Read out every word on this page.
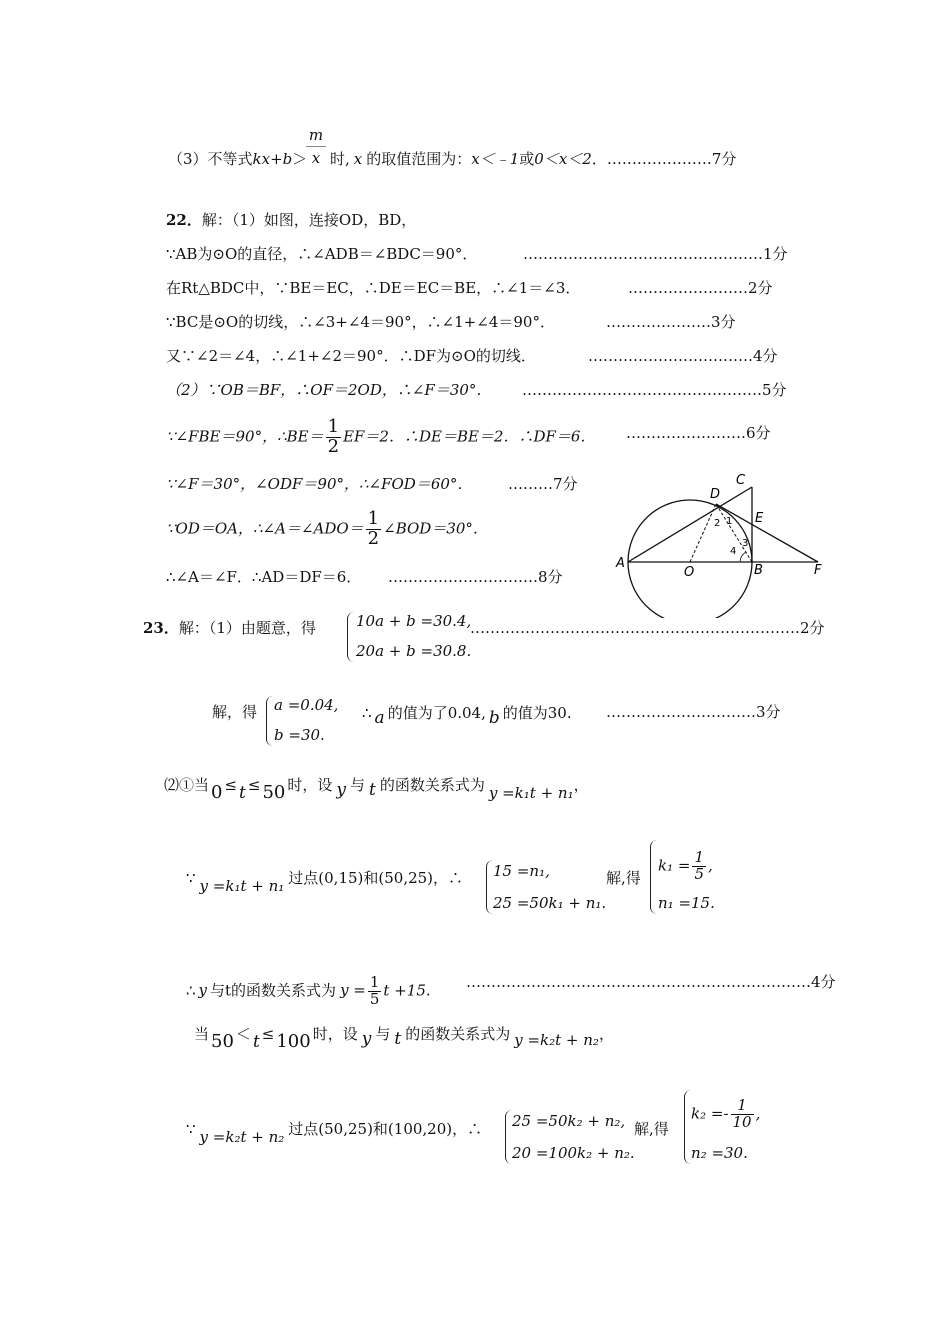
（3）不等式kx+b＞
m
x 时, x 的取值范围为：x＜﹣1或0＜x＜2．…………………7分
22．解：（1）如图，连接OD，BD，
∵AB为⊙O的直径，∴∠ADB＝∠BDC＝90°．	…………………………………………1分
在Rt△BDC中，∵BE＝EC，∴DE＝EC＝BE，∴∠1＝∠3．	……………………2分
∵BC是⊙O的切线，∴∠3+∠4＝90°，∴∠1+∠4＝90°．	…………………3分
又∵∠2＝∠4，∴∠1+∠2＝90°．∴DF为⊙O的切线．	……………………………4分
（2）∵OB＝BF，∴OF＝2OD，∴∠F＝30°． …………………………………………5分
∵∠FBE＝90°，∴BE＝ $\frac{1}{2} EF=2$．∴DE＝BE＝2．∴DF＝6． ……………………6分
∵∠F＝30°，∠ODF＝90°，∴∠FOD＝60°． ………7分
∵OD＝OA，∴∠A＝∠ADO＝ $\frac{1}{2}$ ∠BOD＝30°．
∴∠A＝∠F．∴AD＝DF＝6． …………………………8分
A
O	B	F
C
D
E
1
2
3
4
23．解：（1）由题意，得	10a + b =30.4,
20a + b =30.8.
…………………………………………………………2分
解，得 a =0.04,
b =30.
∴ a 的值为了0.04, b 的值为30. …………………………3分
⑵①当 0 ≤ t ≤ 50 时，设 y 与 t 的函数关系式为 y =k₁t + n₁，
∵ y =k₁t + n₁ 过点(0,15)和(50,25)，∴ 15 =n₁,
25 =50k₁ + n₁.
解,得
$k_1 = \frac{1}{5}$ ,
n₁ =15.
∴ y 与t的函数关系式为 $y = \frac{1}{5}$ t +15. ……………………………………………………………4分
当 50 ＜ t ≤ 100 时，设 y 与 t 的函数关系式为 y =k₂t + n₂，
∵ y =k₂t + n₂ 过点(50,25)和(100,20)，∴ 25 =50k₂ + n₂,
20 =100k₂ + n₂.
解,得
$k_2 =- \frac{1}{10}$ ,
n₂ =30.
